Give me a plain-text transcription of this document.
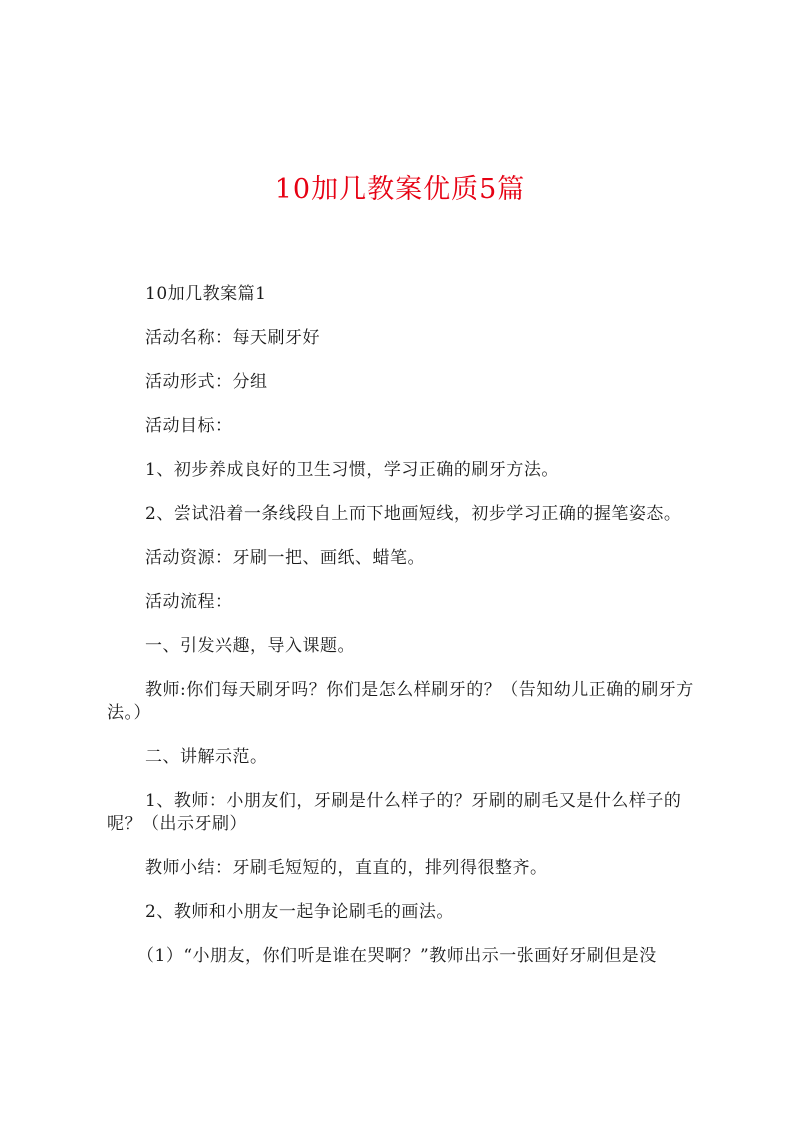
10加几教案优质5篇

10加几教案篇1

活动名称：每天刷牙好

活动形式：分组

活动目标：

1、初步养成良好的卫生习惯，学习正确的刷牙方法。

2、尝试沿着一条线段自上而下地画短线，初步学习正确的握笔姿态。

活动资源：牙刷一把、画纸、蜡笔。

活动流程：

一、引发兴趣，导入课题。

教师:你们每天刷牙吗？你们是怎么样刷牙的？（告知幼儿正确的刷牙方法。）

二、讲解示范。

1、教师：小朋友们，牙刷是什么样子的？牙刷的刷毛又是什么样子的呢？（出示牙刷）

教师小结：牙刷毛短短的，直直的，排列得很整齐。

2、教师和小朋友一起争论刷毛的画法。

（1）“小朋友，你们听是谁在哭啊？”教师出示一张画好牙刷但是没
